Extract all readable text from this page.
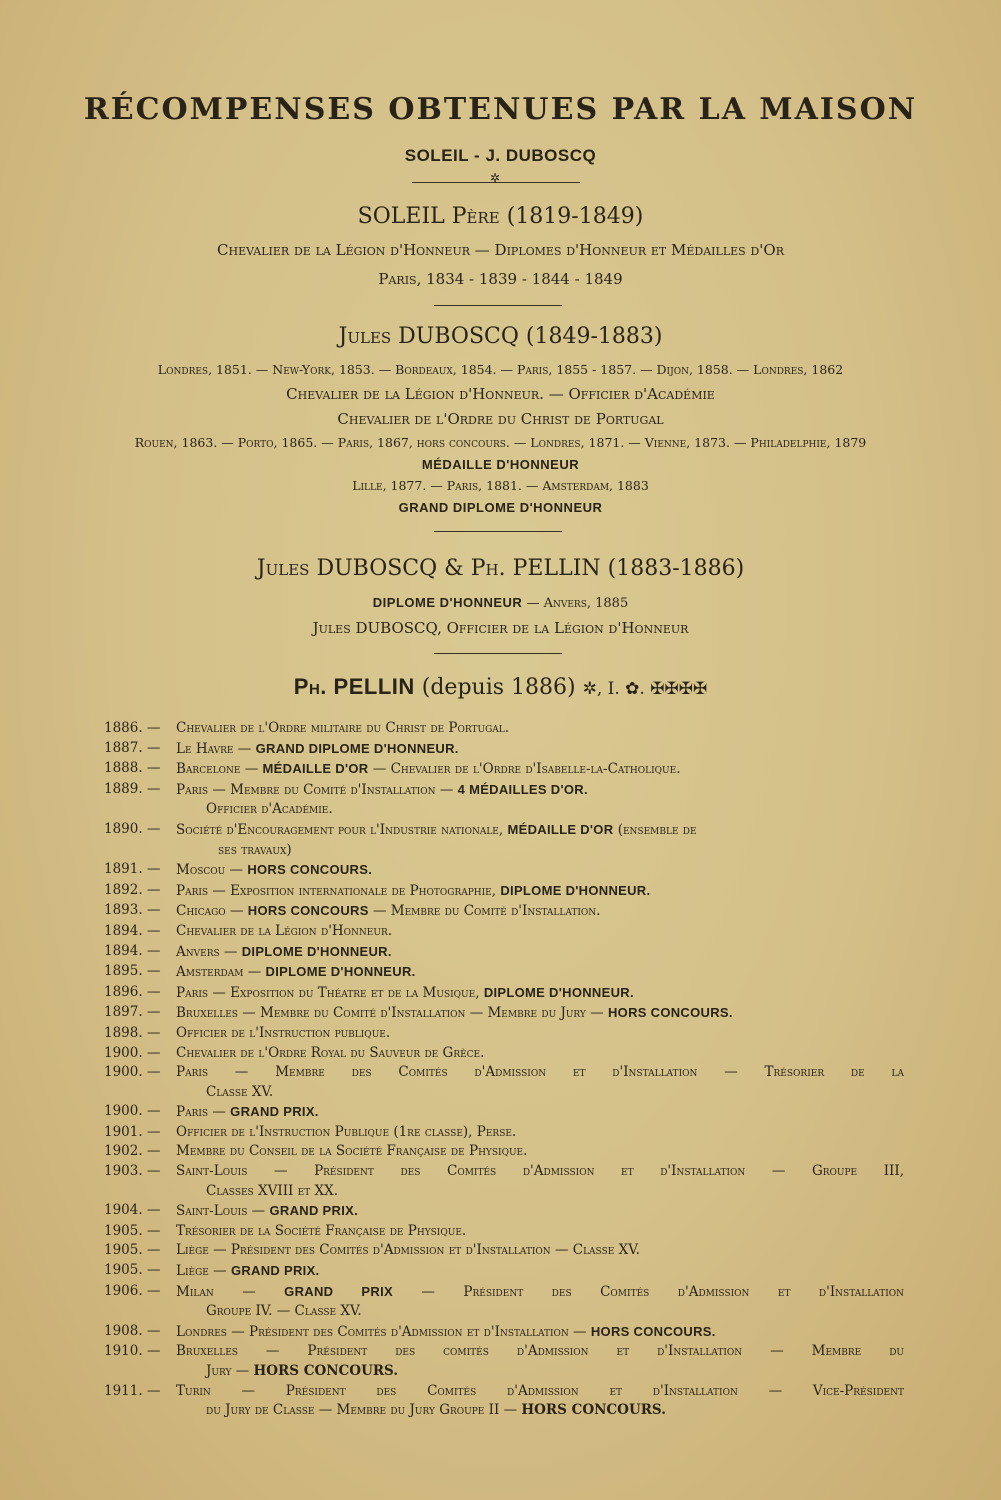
RÉCOMPENSES OBTENUES PAR LA MAISON
SOLEIL - J. DUBOSCQ
✲
SOLEIL Père (1819-1849)
Chevalier de la Légion d'Honneur — Diplomes d'Honneur et Médailles d'Or
Paris, 1834 - 1839 - 1844 - 1849
Jules DUBOSCQ (1849-1883)
Londres, 1851. — New-York, 1853. — Bordeaux, 1854. — Paris, 1855 - 1857. — Dijon, 1858. — Londres, 1862
Chevalier de la Légion d'Honneur. — Officier d'Académie
Chevalier de l'Ordre du Christ de Portugal
Rouen, 1863. — Porto, 1865. — Paris, 1867, hors concours. — Londres, 1871. — Vienne, 1873. — Philadelphie, 1879
MÉDAILLE D'HONNEUR
Lille, 1877. — Paris, 1881. — Amsterdam, 1883
GRAND DIPLOME D'HONNEUR
Jules DUBOSCQ & Ph. PELLIN (1883-1886)
DIPLOME D'HONNEUR — Anvers, 1885
Jules DUBOSCQ, Officier de la Légion d'Honneur
Ph. PELLIN (depuis 1886) ✲, I. ✿. ✠✠✠✠
1886. —	Chevalier de l'Ordre militaire du Christ de Portugal.
1887. —	Le Havre — GRAND DIPLOME D'HONNEUR.
1888. —	Barcelone — MÉDAILLE D'OR — Chevalier de l'Ordre d'Isabelle-la-Catholique.
1889. —	Paris — Membre du Comité d'Installation — 4 MÉDAILLES D'OR.
Officier d'Académie.
1890. —	Société d'Encouragement pour l'Industrie nationale, MÉDAILLE D'OR (ensemble de
ses travaux)
1891. —	Moscou — HORS CONCOURS.
1892. —	Paris — Exposition internationale de Photographie, DIPLOME D'HONNEUR.
1893. —	Chicago — HORS CONCOURS — Membre du Comité d'Installation.
1894. —	Chevalier de la Légion d'Honneur.
1894. —	Anvers — DIPLOME D'HONNEUR.
1895. —	Amsterdam — DIPLOME D'HONNEUR.
1896. —	Paris — Exposition du Théatre et de la Musique, DIPLOME D'HONNEUR.
1897. —	Bruxelles — Membre du Comité d'Installation — Membre du Jury — HORS CONCOURS.
1898. —	Officier de l'Instruction publique.
1900. —	Chevalier de l'Ordre Royal du Sauveur de Grèce.
1900. —	Paris — Membre des Comités d'Admission et d'Installation — Trésorier de la
Classe XV.
1900. —	Paris — GRAND PRIX.
1901. —	Officier de l'Instruction Publique (1re classe), Perse.
1902. —	Membre du Conseil de la Société Française de Physique.
1903. —	Saint-Louis — Président des Comités d'Admission et d'Installation — Groupe III,
Classes XVIII et XX.
1904. —	Saint-Louis — GRAND PRIX.
1905. —	Trésorier de la Société Française de Physique.
1905. —	Liège — Président des Comités d'Admission et d'Installation — Classe XV.
1905. —	Liège — GRAND PRIX.
1906. —	Milan — GRAND PRIX — Président des Comités d'Admission et d'Installation
Groupe IV. — Classe XV.
1908. —	Londres — Président des Comités d'Admission et d'Installation — HORS CONCOURS.
1910. —	Bruxelles — Président des comités d'Admission et d'Installation — Membre du
Jury — HORS CONCOURS.
1911. —	Turin — Président des Comités d'Admission et d'Installation — Vice-Président
du Jury de Classe — Membre du Jury Groupe II — HORS CONCOURS.
